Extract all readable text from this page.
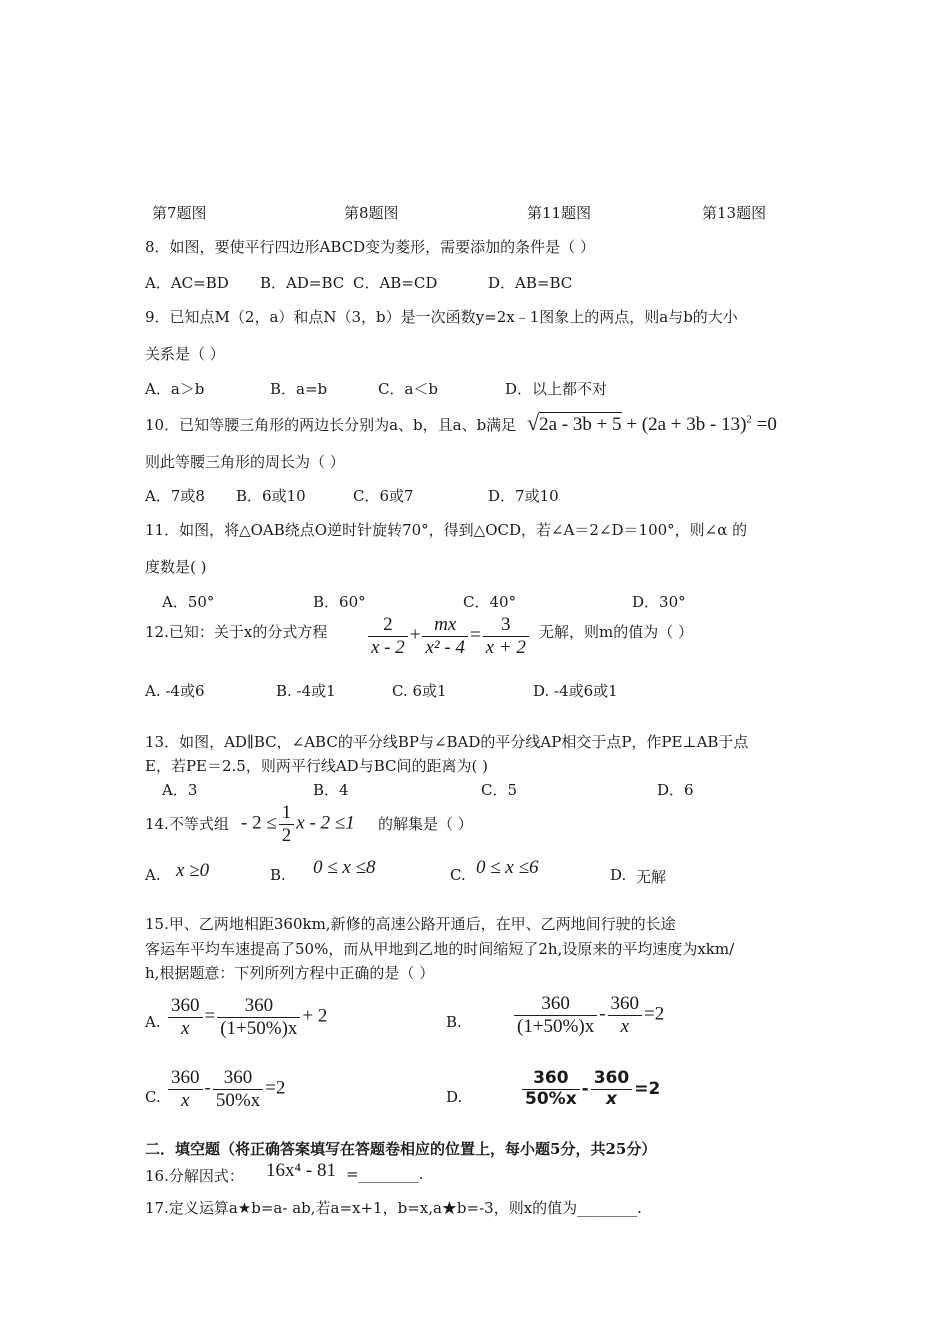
第7题图	第8题图	第11题图	第13题图
8．如图，要使平行四边形ABCD变为菱形，需要添加的条件是（ ）
A．AC=BD B．AD=BC C．AB=CD	D．AB=BC
9．已知点M（2，a）和点N（3，b）是一次函数y=2x﹣1图象上的两点，则a与b的大小
关系是（ ）
A．a＞b	B．a=b	C．a＜b	D．以上都不对
10．已知等腰三角形的两边长分别为a、b，且a、b满足 $√2a - 3b + 5 + (2a + 3b - 13)^2 =0$
则此等腰三角形的周长为（ ）
A．7或8 B．6或10	C．6或7	D．7或10
11．如图，将△OAB绕点O逆时针旋转70°，得到△OCD，若∠A＝2∠D＝100°，则∠α 的
度数是( )
A．50°	B．60°	C．40°	D．30°
12.已知：关于x的分式方程 $\frac{2}{x - 2} + \frac{mx}{\text{x² - 4}} = \frac{3}{x + 2}$ 无解，则m的值为（ ）
A. -4或6	B. -4或1	C. 6或1	D. -4或6或1
13．如图，AD∥BC，∠ABC的平分线BP与∠BAD的平分线AP相交于点P，作PE⊥AB于点
E，若PE＝2.5，则两平行线AD与BC间的距离为( )
A．3	B．4	C．5	D．6
14.不等式组 - $2 \le \frac{1}{2}$ x - 2 ≤1 的解集是（ ）
A. x ≥0	B. 0 ≤ x ≤8	C. 0 ≤ x ≤6	D. 无解
15.甲、乙两地相距360km,新修的高速公路开通后，在甲、乙两地间行驶的长途
客运车平均车速提高了50%，而从甲地到乙地的时间缩短了2h,设原来的平均速度为xkm/
h,根据题意：下列所列方程中正确的是（ ）
A. $\frac{360}{x} = \frac{360}{(1+50\%)x} + 2$	B.	$\frac{360}{(1+50\%)x} - \frac{360}{x} =2$
C. $\frac{360}{x} - \frac{360}{50\%x} =2$	D.	$\frac{360}{50\%x} - \frac{360}{x} =2$
二．填空题（将正确答案填写在答题卷相应的位置上，每小题5分，共25分）
16.分解因式： 16x⁴ - 81 =________.
17.定义运算a★b=a- ab,若a=x+1，b=x,a★b=-3，则x的值为________.
